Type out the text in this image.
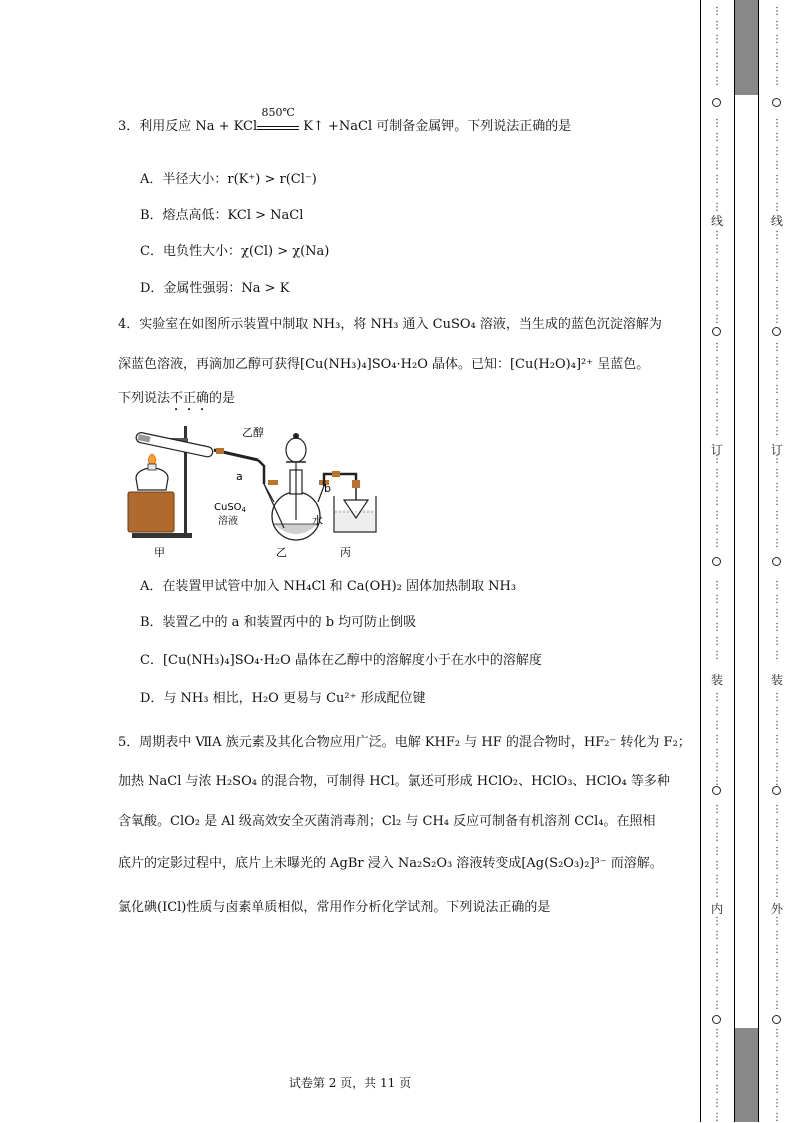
3．利用反应 Na + KCl
850℃
K↑ +NaCl 可制备金属钾。下列说法正确的是
A．半径大小：r(K⁺) > r(Cl⁻)
B．熔点高低：KCl > NaCl
C．电负性大小：χ(Cl) > χ(Na)
D．金属性强弱：Na > K
4．实验室在如图所示装置中制取 NH₃，将 NH₃ 通入 CuSO₄ 溶液，当生成的蓝色沉淀溶解为
深蓝色溶液，再滴加乙醇可获得[Cu(NH₃)₄]SO₄·H₂O 晶体。已知：[Cu(H₂O)₄]²⁺ 呈蓝色。
下列说法不正确的是
乙醇
a
b
CuSO$_4$
溶液	水
甲	乙	丙
A．在装置甲试管中加入 NH₄Cl 和 Ca(OH)₂ 固体加热制取 NH₃
B．装置乙中的 a 和装置丙中的 b 均可防止倒吸
C．[Cu(NH₃)₄]SO₄·H₂O 晶体在乙醇中的溶解度小于在水中的溶解度
D．与 NH₃ 相比，H₂O 更易与 Cu²⁺ 形成配位键
5．周期表中 ⅦA 族元素及其化合物应用广泛。电解 KHF₂ 与 HF 的混合物时，HF₂⁻ 转化为 F₂；
加热 NaCl 与浓 H₂SO₄ 的混合物，可制得 HCl。氯还可形成 HClO₂、HClO₃、HClO₄ 等多种
含氧酸。ClO₂ 是 Al 级高效安全灭菌消毒剂；Cl₂ 与 CH₄ 反应可制备有机溶剂 CCl₄。在照相
底片的定影过程中，底片上未曝光的 AgBr 浸入 Na₂S₂O₃ 溶液转变成[Ag(S₂O₃)₂]³⁻ 而溶解。
氯化碘(ICl)性质与卤素单质相似，常用作分析化学试剂。下列说法正确的是
试卷第 2 页，共 11 页
⋮
⋮
⋮
⋮
⋮
⋮
⋮
⋮
⋮
⋮
⋮
⋮
⋮
⋮
⋮
⋮
⋮
⋮
⋮
⋮
⋮
⋮
⋮
⋮
⋮
⋮
⋮
⋮
⋮
⋮
⋮
⋮
⋮
⋮
⋮
⋮
⋮
⋮
⋮
⋮
⋮
⋮
⋮
⋮
⋮
⋮
⋮
⋮
⋮
⋮
⋮
⋮
⋮
⋮
⋮
⋮
⋮
⋮
⋮
⋮
⋮
⋮
⋮
⋮
⋮
⋮
⋮
⋮
线
订
装
内
⋮
⋮
⋮
⋮
⋮
⋮
⋮
⋮
⋮
⋮
⋮
⋮
⋮
⋮
⋮
⋮
⋮
⋮
⋮
⋮
⋮
⋮
⋮
⋮
⋮
⋮
⋮
⋮
⋮
⋮
⋮
⋮
⋮
⋮
⋮
⋮
⋮
⋮
⋮
⋮
⋮
⋮
⋮
⋮
⋮
⋮
⋮
⋮
⋮
⋮
⋮
⋮
⋮
⋮
⋮
⋮
⋮
⋮
⋮
⋮
⋮
⋮
⋮
⋮
⋮
⋮
⋮
⋮
线
订
装
外
